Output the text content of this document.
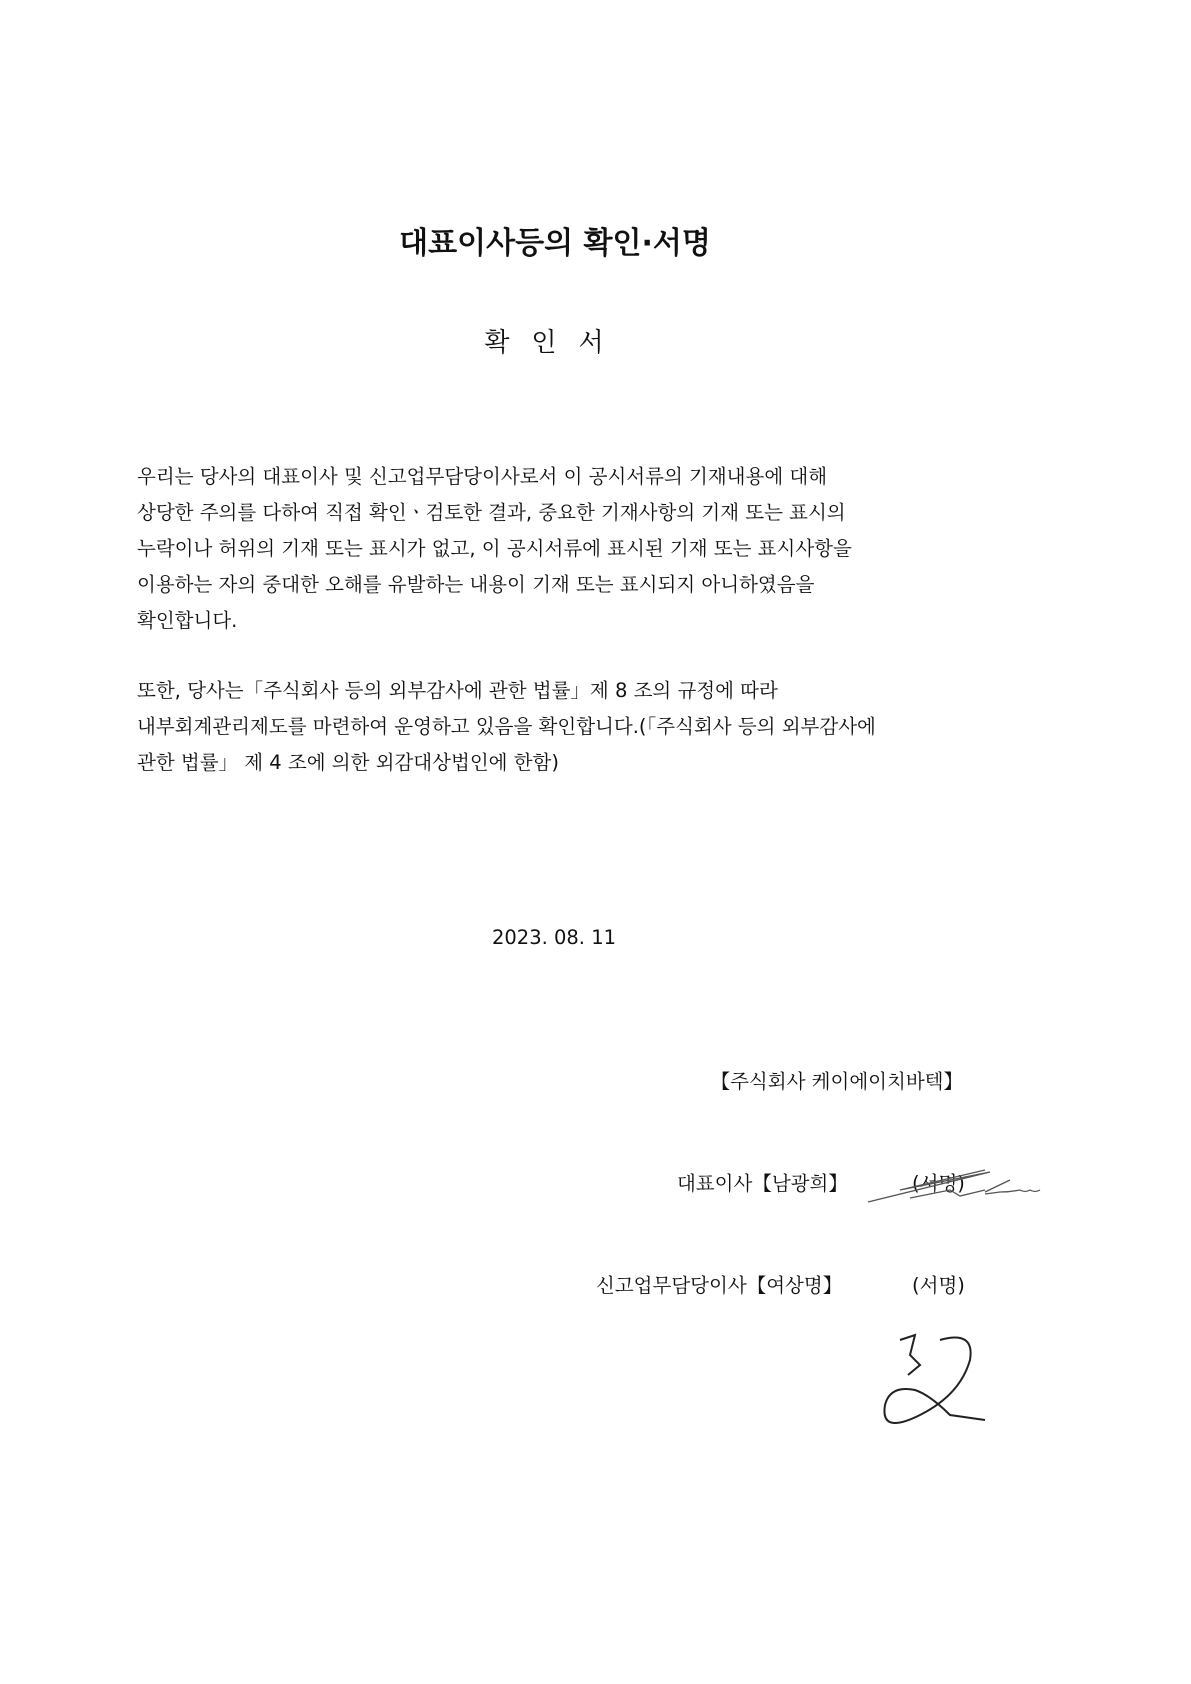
대표이사등의 확인·서명
확인서
우리는 당사의 대표이사 및 신고업무담당이사로서 이 공시서류의 기재내용에 대해
상당한 주의를 다하여 직접 확인ㆍ검토한 결과, 중요한 기재사항의 기재 또는 표시의
누락이나 허위의 기재 또는 표시가 없고, 이 공시서류에 표시된 기재 또는 표시사항을
이용하는 자의 중대한 오해를 유발하는 내용이 기재 또는 표시되지 아니하였음을
확인합니다.
또한, 당사는「주식회사 등의 외부감사에 관한 법률」제 8 조의 규정에 따라
내부회계관리제도를 마련하여 운영하고 있음을 확인합니다.(「주식회사 등의 외부감사에
관한 법률」 제 4 조에 의한 외감대상법인에 한함)
2023. 08. 11
【주식회사 케이에이치바텍】
대표이사【남광희】	(서명)
신고업무담당이사【여상명】	(서명)
